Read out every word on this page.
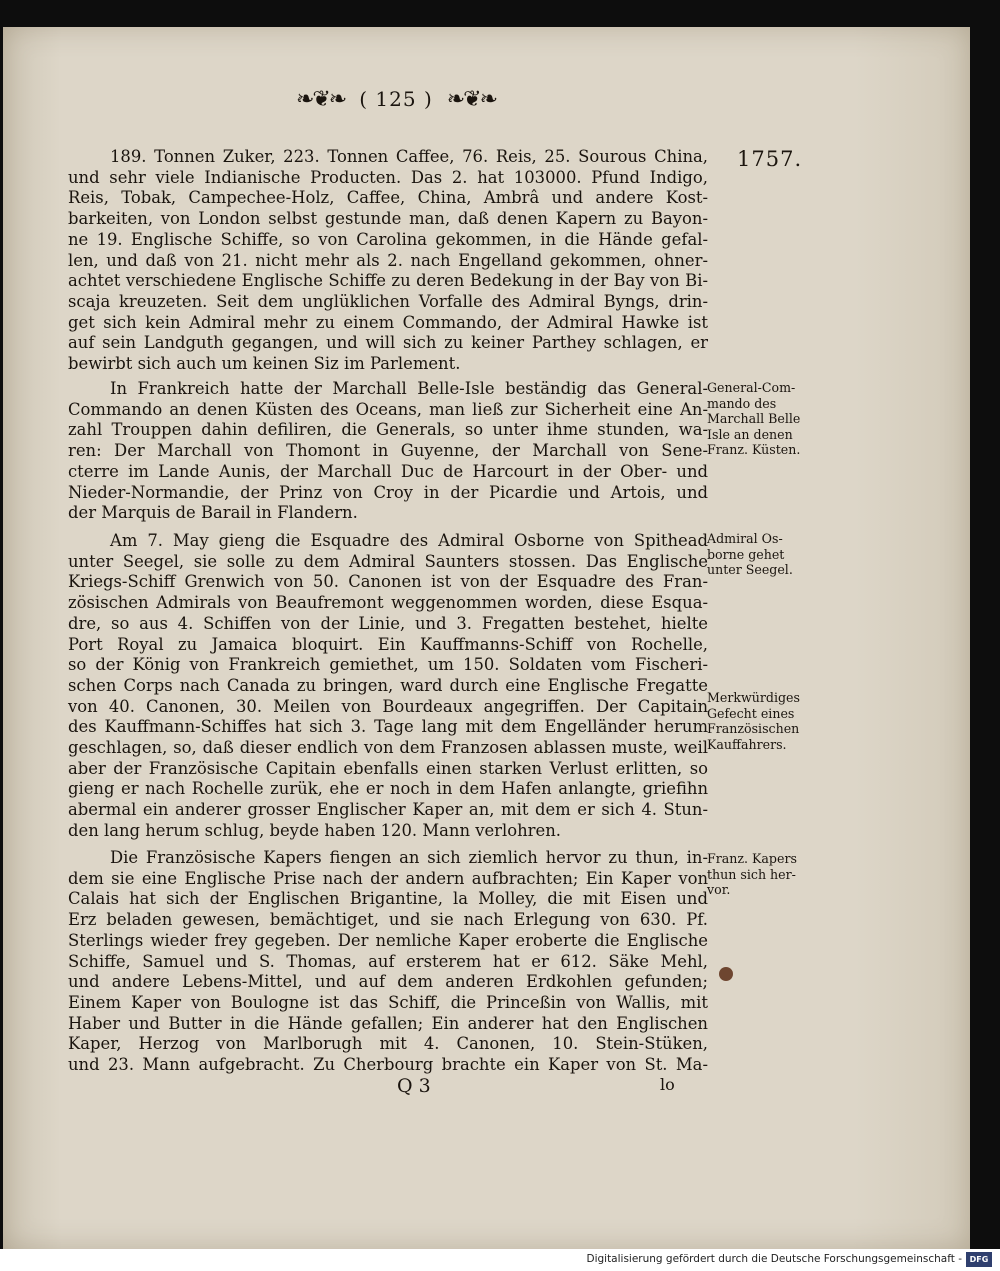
❧❦❧ ( 125 ) ❧❦❧
1757.
189. Tonnen Zuker, 223. Tonnen Caffee, 76. Reis, 25. Sourous China,
und sehr viele Indianische Producten. Das 2. hat 103000. Pfund Indigo,
Reis, Tobak, Campechee-Holz, Caffee, China, Ambrâ und andere Kost-
barkeiten, von London selbst gestunde man, daß denen Kapern zu Bayon-
ne 19. Englische Schiffe, so von Carolina gekommen, in die Hände gefal-
len, und daß von 21. nicht mehr als 2. nach Engelland gekommen, ohner-
achtet verschiedene Englische Schiffe zu deren Bedekung in der Bay von Bi-
scaja kreuzeten. Seit dem unglüklichen Vorfalle des Admiral Byngs, drin-
get sich kein Admiral mehr zu einem Commando, der Admiral Hawke ist
auf sein Landguth gegangen, und will sich zu keiner Parthey schlagen, er
bewirbt sich auch um keinen Siz im Parlement.
In Frankreich hatte der Marchall Belle-Isle beständig das General-
Commando an denen Küsten des Oceans, man ließ zur Sicherheit eine An-
zahl Trouppen dahin defiliren, die Generals, so unter ihme stunden, wa-
ren: Der Marchall von Thomont in Guyenne, der Marchall von Sene-
cterre im Lande Aunis, der Marchall Duc de Harcourt in der Ober- und
Nieder-Normandie, der Prinz von Croy in der Picardie und Artois, und
der Marquis de Barail in Flandern.
Am 7. May gieng die Esquadre des Admiral Osborne von Spithead
unter Seegel, sie solle zu dem Admiral Saunters stossen. Das Englische
Kriegs-Schiff Grenwich von 50. Canonen ist von der Esquadre des Fran-
zösischen Admirals von Beaufremont weggenommen worden, diese Esqua-
dre, so aus 4. Schiffen von der Linie, und 3. Fregatten bestehet, hielte
Port Royal zu Jamaica bloquirt. Ein Kauffmanns-Schiff von Rochelle,
so der König von Frankreich gemiethet, um 150. Soldaten vom Fischeri-
schen Corps nach Canada zu bringen, ward durch eine Englische Fregatte
von 40. Canonen, 30. Meilen von Bourdeaux angegriffen. Der Capitain
des Kauffmann-Schiffes hat sich 3. Tage lang mit dem Engelländer herum
geschlagen, so, daß dieser endlich von dem Franzosen ablassen muste, weil
aber der Französische Capitain ebenfalls einen starken Verlust erlitten, so
gieng er nach Rochelle zurük, ehe er noch in dem Hafen anlangte, griefihn
abermal ein anderer grosser Englischer Kaper an, mit dem er sich 4. Stun-
den lang herum schlug, beyde haben 120. Mann verlohren.
Die Französische Kapers fiengen an sich ziemlich hervor zu thun, in-
dem sie eine Englische Prise nach der andern aufbrachten; Ein Kaper von
Calais hat sich der Englischen Brigantine, la Molley, die mit Eisen und
Erz beladen gewesen, bemächtiget, und sie nach Erlegung von 630. Pf.
Sterlings wieder frey gegeben. Der nemliche Kaper eroberte die Englische
Schiffe, Samuel und S. Thomas, auf ersterem hat er 612. Säke Mehl,
und andere Lebens-Mittel, und auf dem anderen Erdkohlen gefunden;
Einem Kaper von Boulogne ist das Schiff, die Princeßin von Wallis, mit
Haber und Butter in die Hände gefallen; Ein anderer hat den Englischen
Kaper, Herzog von Marlborugh mit 4. Canonen, 10. Stein-Stüken,
und 23. Mann aufgebracht. Zu Cherbourg brachte ein Kaper von St. Ma-
General-Com-
mando des
Marchall Belle
Isle an denen
Franz. Küsten.
Admiral Os-
borne gehet
unter Seegel.
Merkwürdiges
Gefecht eines
Französischen
Kauffahrers.
Franz. Kapers
thun sich her-
vor.
Q 3	lo
Digitalisierung gefördert durch die Deutsche Forschungsgemeinschaft - DFG
